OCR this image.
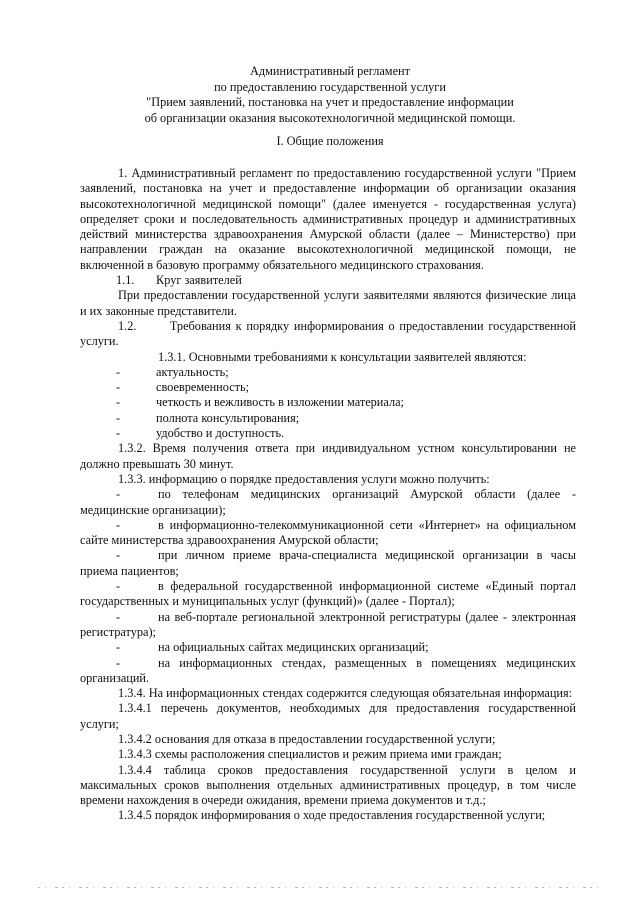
Административный регламент
по предоставлению государственной услуги
"Прием заявлений, постановка на учет и предоставление информации
об организации оказания высокотехнологичной медицинской помощи.
I. Общие положения

1. Административный регламент по предоставлению государственной услуги "Прием заявлений, постановка на учет и предоставление информации об организации оказания высокотехнологичной медицинской помощи" (далее именуется - государственная услуга) определяет сроки и последовательность административных процедур и административных действий министерства здравоохранения Амурской области (далее – Министерство) при направлении граждан на оказание высокотехнологичной медицинской помощи, не включенной в базовую программу обязательного медицинского страхования.

1.1. Круг заявителей

При предоставлении государственной услуги заявителями являются физические лица и их законные представители.

1.2.	Требования к порядку информирования о предоставлении государственной услуги.

1.3.1. Основными требованиями к консультации заявителей являются:

-	актуальность;
-	своевременность;
-	четкость и вежливость в изложении материала;
-	полнота консультирования;
-	удобство и доступность.

1.3.2. Время получения ответа при индивидуальном устном консультировании не должно превышать 30 минут.

1.3.3. информацию о порядке предоставления услуги можно получить:

-	по телефонам медицинских организаций Амурской области (далее - медицинские организации);

-	в информационно-телекоммуникационной сети «Интернет» на официальном сайте министерства здравоохранения Амурской области;

-	при личном приеме врача-специалиста медицинской организации в часы приема пациентов;

-	в федеральной государственной информационной системе «Единый портал государственных и муниципальных услуг (функций)» (далее - Портал);

-	на веб-портале региональной электронной регистратуры (далее - электронная регистратура);

-	на официальных сайтах медицинских организаций;

-	на информационных стендах, размещенных в помещениях медицинских организаций.

1.3.4. На информационных стендах содержится следующая обязательная информация:

1.3.4.1 перечень документов, необходимых для предоставления государственной услуги;

1.3.4.2 основания для отказа в предоставлении государственной услуги;

1.3.4.3 схемы расположения специалистов и режим приема ими граждан;

1.3.4.4 таблица сроков предоставления государственной услуги в целом и максимальных сроков выполнения отдельных административных процедур, в том числе времени нахождения в очереди ожидания, времени приема документов и т.д.;

1.3.4.5 порядок информирования о ходе предоставления государственной услуги;
